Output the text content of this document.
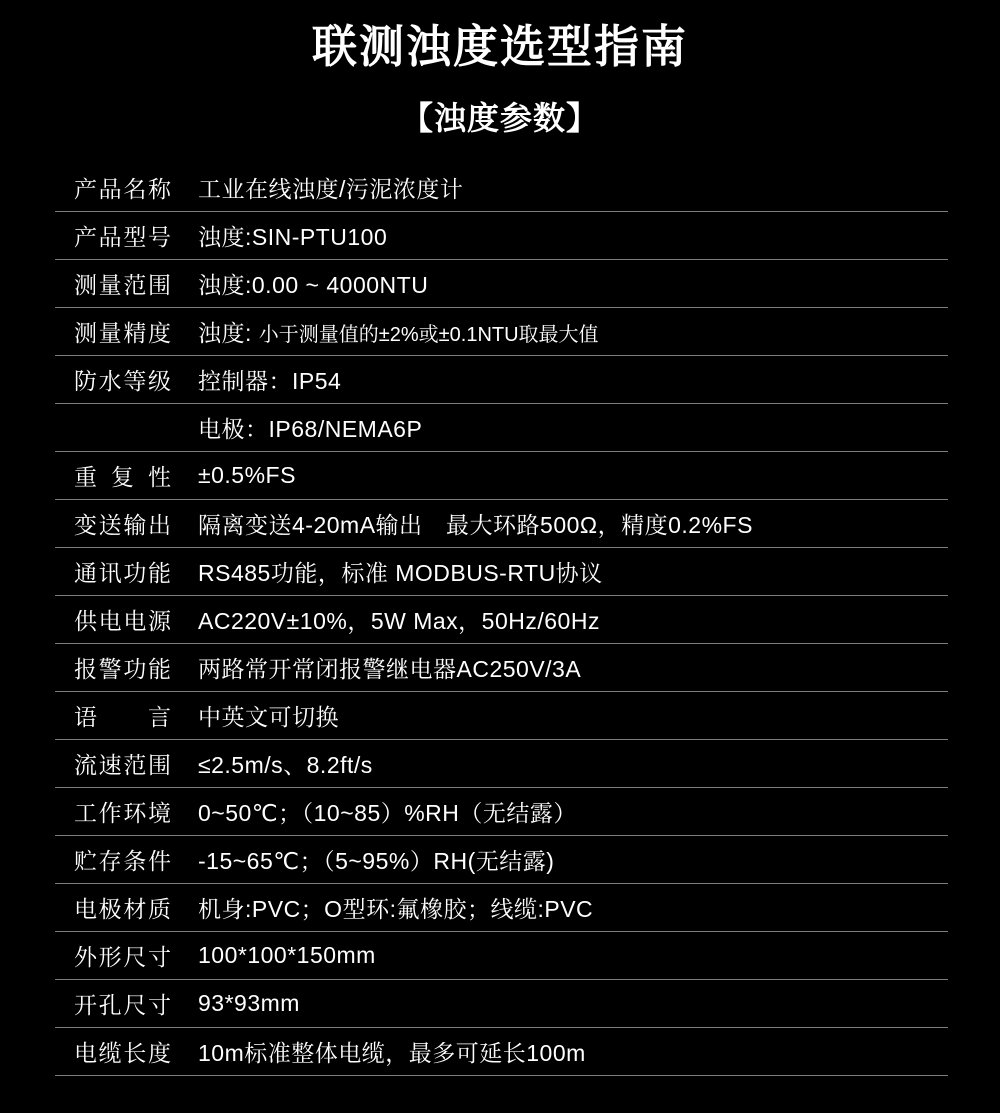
联测浊度选型指南
【浊度参数】
产品名称 工业在线浊度/污泥浓度计
产品型号 浊度:SIN-PTU100
测量范围 浊度:0.00 ~ 4000NTU
测量精度 浊度: 小于测量值的±2%或±0.1NTU取最大值
防水等级 控制器：IP54
电极：IP68/NEMA6P
重复性 ±0.5%FS
变送输出 隔离变送4-20mA输出　最大环路500Ω，精度0.2%FS
通讯功能 RS485功能，标准 MODBUS-RTU协议
供电电源 AC220V±10%，5W Max，50Hz/60Hz
报警功能 两路常开常闭报警继电器AC250V/3A
语言 中英文可切换
流速范围 ≤2.5m/s、8.2ft/s
工作环境 0~50℃；（10~85）%RH（无结露）
贮存条件 -15~65℃；（5~95%）RH(无结露)
电极材质 机身:PVC；O型环:氟橡胶；线缆:PVC
外形尺寸 100*100*150mm
开孔尺寸 93*93mm
电缆长度 10m标准整体电缆，最多可延长100m
